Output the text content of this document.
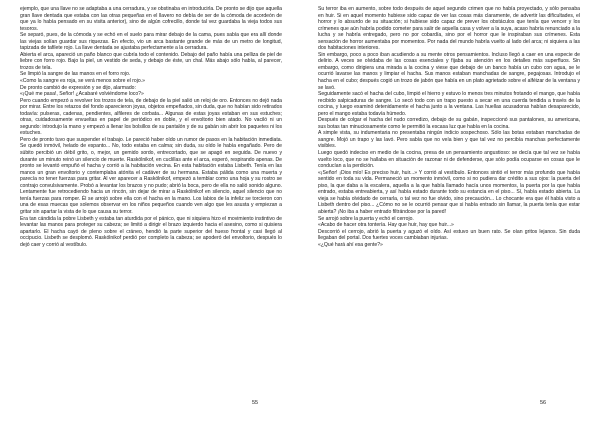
ejemplo, que una llave no se adaptaba a una cerradura, y se obstinaba en introducirla. De pronto se dijo que aquella gran llave dentada que estaba con las otras pequeñas en el llavero no debía de ser de la cómoda de acordeón de que ya lo había pensado en su visita anterior), sino de algún cofrecillo, donde tal vez guardaba la vieja todos sus tesoros.

Se separó, pues, de la cómoda y se echó en el suelo para mirar debajo de la cama, pues sabía que era allí donde las viejas solían guardar sus riquezas. En efecto, vio un arca bastante grande de más de un metro de longitud, tapizada de tafilete rojo. La llave dentada se ajustaba perfectamente a la cerradura.

Abierta el arca, apareció un paño blanco que cubría todo el contenido. Debajo del paño había una pelliza de piel de liebre con forro rojo. Bajo la piel, un vestido de seda, y debajo de éste, un chal. Más abajo sólo había, al parecer, trozos de tela.

Se limpió la sangre de las manos en el forro rojo.

«Como la sangre es roja, se verá menos sobre el rojo.»

De pronto cambió de expresión y se dijo, alarmado:

«¡Qué me pasa!, Señor! ¿Acabaré volviéndome loco?»

Pero cuando empezó a revolver los trozos de tela, de debajo de la piel salió un reloj de oro. Entonces no dejó nada por mirar. Entre los retazos del fondo aparecieron joyas, objetos empeñados, sin duda, que no habían sido retirados todavía: pulseras, cadenas, pendientes, alfileres de corbata... Algunas de estas joyas estaban en sus estuches; otras, cuidadosamente envueltas en papel de periódico en doble, y el envoltorio bien atado. No vaciló ni un segundo: introdujo la mano y empezó a llenar los bolsillos de su pantalón y de su gabán sin abrir los paquetes ni los estuches.

Pero de pronto tuvo que suspender el trabajo. Le pareció haber oído un rumor de pasos en la habitación inmediata. Se quedó inmóvil, helado de espanto... No, todo estaba en calma; sin duda, su oído le había engañado. Pero de súbito percibió un débil grito, o, mejor, un gemido sordo, entrecortado, que se apagó en seguida. De nuevo y durante un minuto reinó un silencio de muerte. Raskólnikof, en cuclillas ante el arca, esperó, respirando apenas. De pronto se levantó empuñó el hacha y corrió a la habitación vecina. En esta habitación estaba Lisbeth. Tenía en las manos un gran envoltorio y contemplaba atónita el cadáver de su hermana. Estaba pálida como una muerta y parecía no tener fuerzas para gritar. Al ver aparecer a Raskólnikof, empezó a temblar como una hoja y su rostro se contrajo convulsivamente. Probó a levantar los brazos y no pudo; abrió la boca, pero de ella no salió sonido alguno. Lentamente fue retrocediendo hacia un rincón, sin dejar de mirar a Raskólnikof en silencio, aquel silencio que no tenía fuerzas para romper. Él se arrojó sobre ella con el hacha en la mano. Los labios de la infeliz se torcieron con una de esas muecas que solemos observar en los niños pequeños cuando ven algo que les asusta y empiezan a gritar sin apartar la vista de lo que causa su terror.

Era tan cándida la pobre Lisbeth y estaba tan aturdida por el pánico, que ni siquiera hizo el movimiento instintivo de levantar las manos para proteger su cabeza; se limitó a dirigir el brazo izquierdo hacia el asesino, como si quisiera apartarlo. El hacha cayó de pleno sobre el cráneo, hendió la parte superior del hueso frontal y casi llegó al occipucio. Lisbeth se desplomó. Raskólnikof perdió por completo la cabeza; se apoderó del envoltorio, después lo dejó caer y corrió al vestíbulo.

55

Su terror iba en aumento, sobre todo después de aquel segundo crimen que no había proyectado, y sólo pensaba en huir. Si en aquel momento hubiese sido capaz de ver las cosas más claramente, de advertir las dificultades, el horror y lo absurdo de su situación; si hubiese sido capaz de prever los obstáculos que tenía que vencer y los crímenes que aún habría podido cometer para salir de aquella casa y volver a la suya, acaso habría renunciado a la lucha y se habría entregado, pero no por cobardía, sino por el horror que le inspiraban sus crímenes. Esta sensación de horror aumentaba por momentos. Por nada del mundo habría vuelto al lado del arca; ni siquiera a las dos habitaciones interiores.

Sin embargo, poco a poco iban acudiendo a su mente otros pensamientos. Incluso llegó a caer en una especie de delirio. A veces se olvidaba de las cosas esenciales y fijaba su atención en los detalles más superfluos. Sin embargo, como dirigiera una mirada a la cocina y viese que debajo de un banco había un cubo con agua, se le ocurrió lavarse las manos y limpiar el hacha. Sus manos estaban manchadas de sangre, pegajosas. Introdujo el hacha en el cubo; después cogió un trozo de jabón que había en un plato agrietado sobre el alféizar de la ventana y se lavó.

Seguidamente sacó el hacha del cubo, limpió el hierro y estuvo lo menos tres minutos frotando el mango, que había recibido salpicaduras de sangre. Lo secó todo con un trapo puesto a secar en una cuerda tendida a través de la cocina, y luego examinó detenidamente el hacha junto a la ventana. Las huellas acusadoras habían desaparecido, pero el mango estaba todavía húmedo.

Después de colgar el hacha del nudo corredizo, debajo de su gabán, inspeccionó sus pantalones, su americana, sus botas tan minuciosamente como le permitió la escasa luz que había en la cocina.

A simple vista, su indumentaria no presentaba ningún indicio sospechoso. Sólo las botas estaban manchadas de sangre. Mojó un trapo y las lavó. Pero sabía que no veía bien y que tal vez no percibía manchas perfectamente visibles.

Luego quedó indeciso en medio de la cocina, presa de un pensamiento angustioso: se decía que tal vez se había vuelto loco, que no se hallaba en situación de razonar ni de defenderse, que sólo podía ocuparse en cosas que le conducían a la perdición.

«¡Señor! ¡Dios mío! Es preciso huir, huir...» Y corrió al vestíbulo. Entonces sintió el terror más profundo que había sentido en toda su vida. Permaneció un momento inmóvil, como si no pudiera dar crédito a sus ojos: la puerta del piso, la que daba a la escalera, aquella a la que había llamado hacía unos momentos, la puerta por la que había entrado, estaba entreabierta, y así había estado durante todo su estancia en el piso... Sí, había estado abierta. La vieja se había olvidado de cerrarla, o tal vez no fue olvido, sino precaución... Lo chocante era que él había visto a Lisbeth dentro del piso... ¿Cómo no se le ocurrió pensar que si había entrado sin llamar, la puerta tenía que estar abierta? ¡No iba a haber entrado filtrándose por la pared!

Se arrojó sobre la puerta y echó el cerrojo.

«Acabo de hacer otra tontería. Hay que huir, hay que huir...»

Descorrió el cerrojo, abrió la puerta y aguzó el oído. Así estuvo un buen rato. Se oían gritos lejanos. Sin duda llegaban del portal. Dos fuertes voces cambiaban injurias.

«¿Qué hará ahí esa gente?»

56
